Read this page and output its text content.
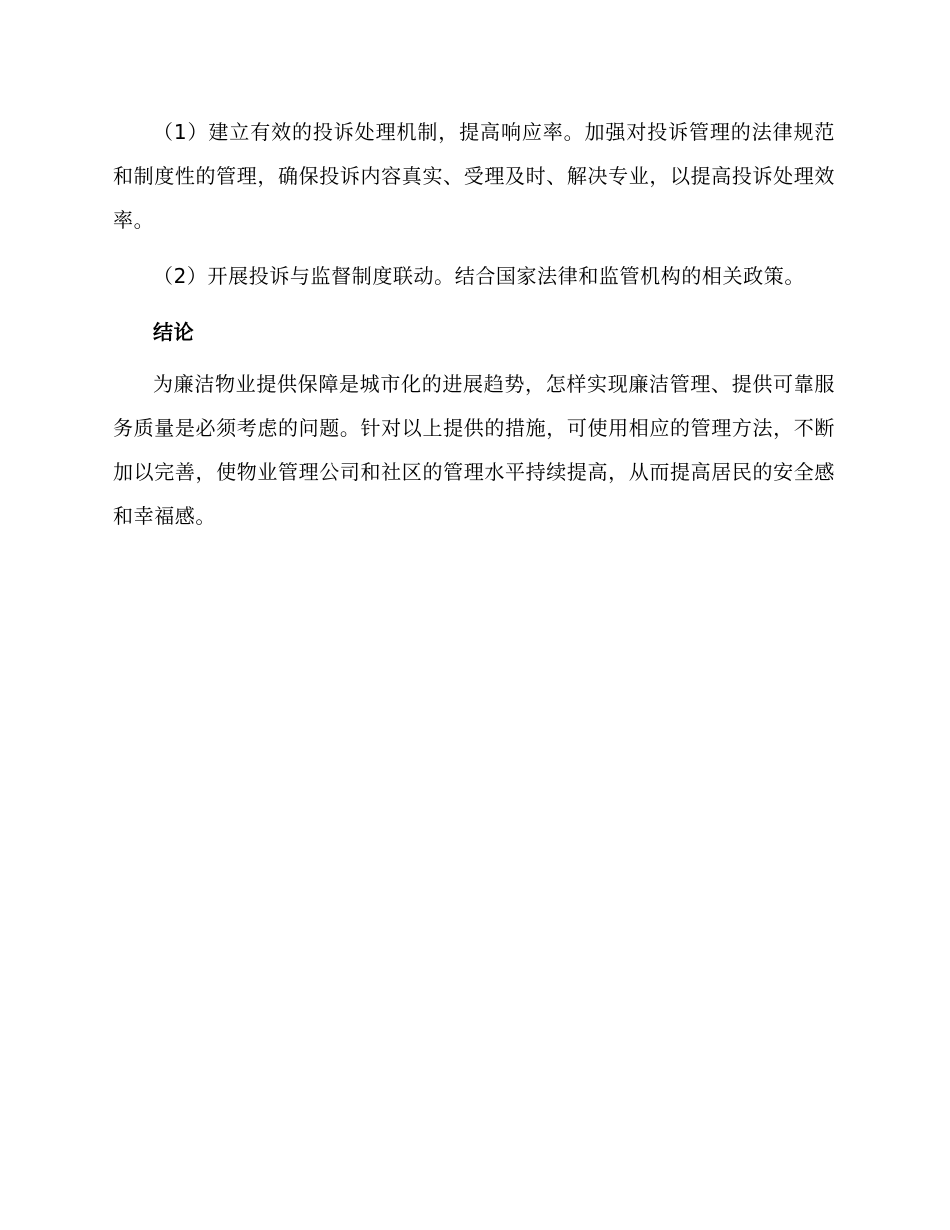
（1）建立有效的投诉处理机制，提高响应率。加强对投诉管理的法律规范和制度性的管理，确保投诉内容真实、受理及时、解决专业，以提高投诉处理效率。

（2）开展投诉与监督制度联动。结合国家法律和监管机构的相关政策。

结论

为廉洁物业提供保障是城市化的进展趋势，怎样实现廉洁管理、提供可靠服务质量是必须考虑的问题。针对以上提供的措施，可使用相应的管理方法，不断加以完善，使物业管理公司和社区的管理水平持续提高，从而提高居民的安全感和幸福感。
